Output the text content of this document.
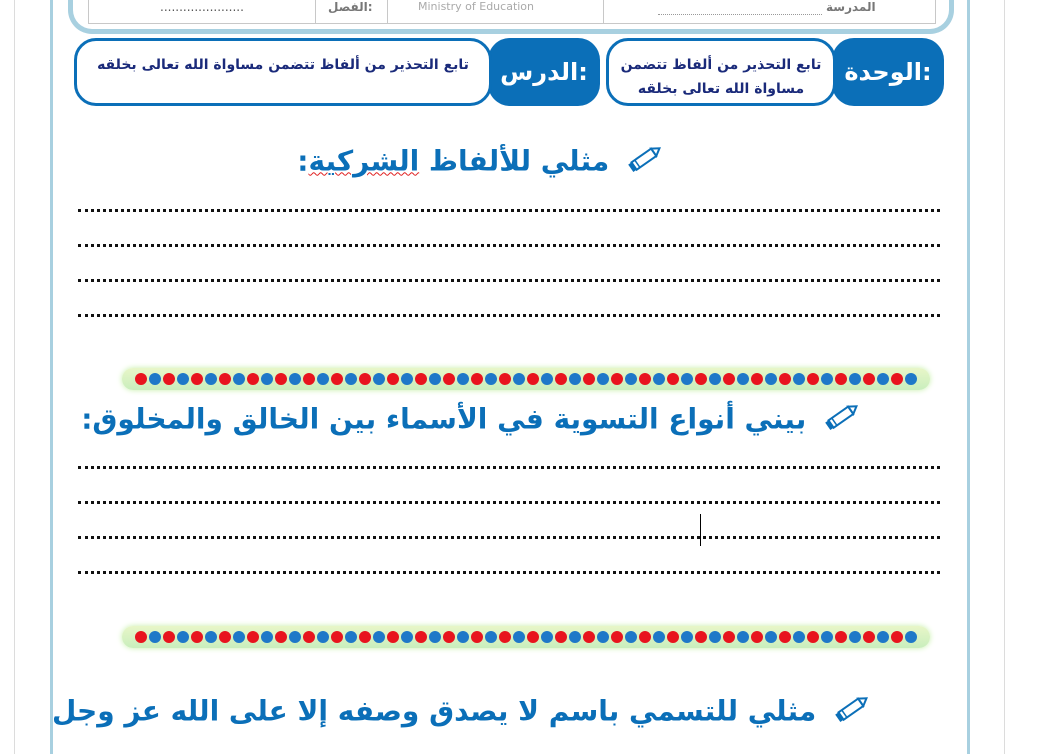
المدرسة
Ministry of Education
الفصل:
......................
الوحدة:
تابع التحذير من ألفاظ تتضمن مساواة الله تعالى بخلقه
الدرس:
تابع التحذير من ألفاظ تتضمن مساواة الله تعالى بخلقه
مثلي للألفاظ الشركية:
بيني أنواع التسوية في الأسماء بين الخالق والمخلوق:
مثلي للتسمي باسم لا يصدق وصفه إلا على الله عز وجل
